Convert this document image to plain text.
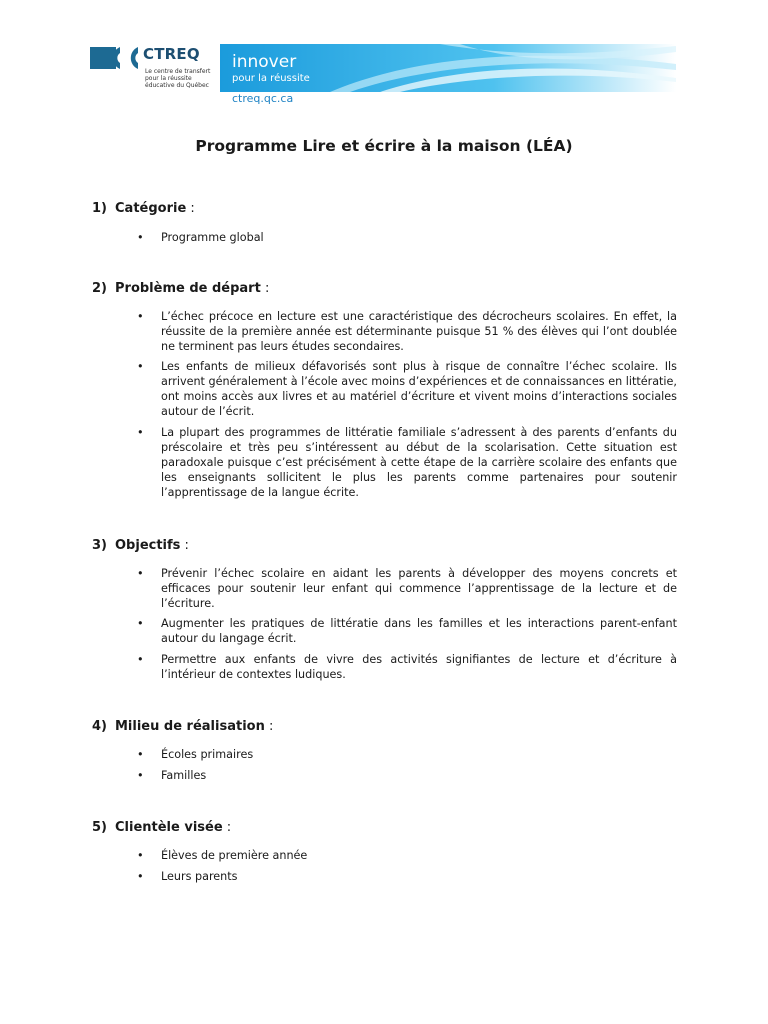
CTREQ
Le centre de transfert
pour la réussite
éducative du Québec
innover
pour la réussite
ctreq.qc.ca
Programme Lire et écrire à la maison (LÉA)
1) Catégorie :
•	Programme global
2) Problème de départ :
•	L’échec précoce en lecture est une caractéristique des décrocheurs scolaires. En effet, la réussite de la première année est déterminante puisque 51 % des élèves qui l’ont doublée ne terminent pas leurs études secondaires.
•	Les enfants de milieux défavorisés sont plus à risque de connaître l’échec scolaire. Ils arrivent généralement à l’école avec moins d’expériences et de connaissances en littératie, ont moins accès aux livres et au matériel d’écriture et vivent moins d’interactions sociales autour de l’écrit.
•	La plupart des programmes de littératie familiale s’adressent à des parents d’enfants du préscolaire et très peu s’intéressent au début de la scolarisation. Cette situation est paradoxale puisque c’est précisément à cette étape de la carrière scolaire des enfants que les enseignants sollicitent le plus les parents comme partenaires pour soutenir l’apprentissage de la langue écrite.
3) Objectifs :
•	Prévenir l’échec scolaire en aidant les parents à développer des moyens concrets et efficaces pour soutenir leur enfant qui commence l’apprentissage de la lecture et de l’écriture.
•	Augmenter les pratiques de littératie dans les familles et les interactions parent-enfant autour du langage écrit.
•	Permettre aux enfants de vivre des activités signifiantes de lecture et d’écriture à l’intérieur de contextes ludiques.
4) Milieu de réalisation :
•	Écoles primaires
•	Familles
5) Clientèle visée :
•	Élèves de première année
•	Leurs parents
